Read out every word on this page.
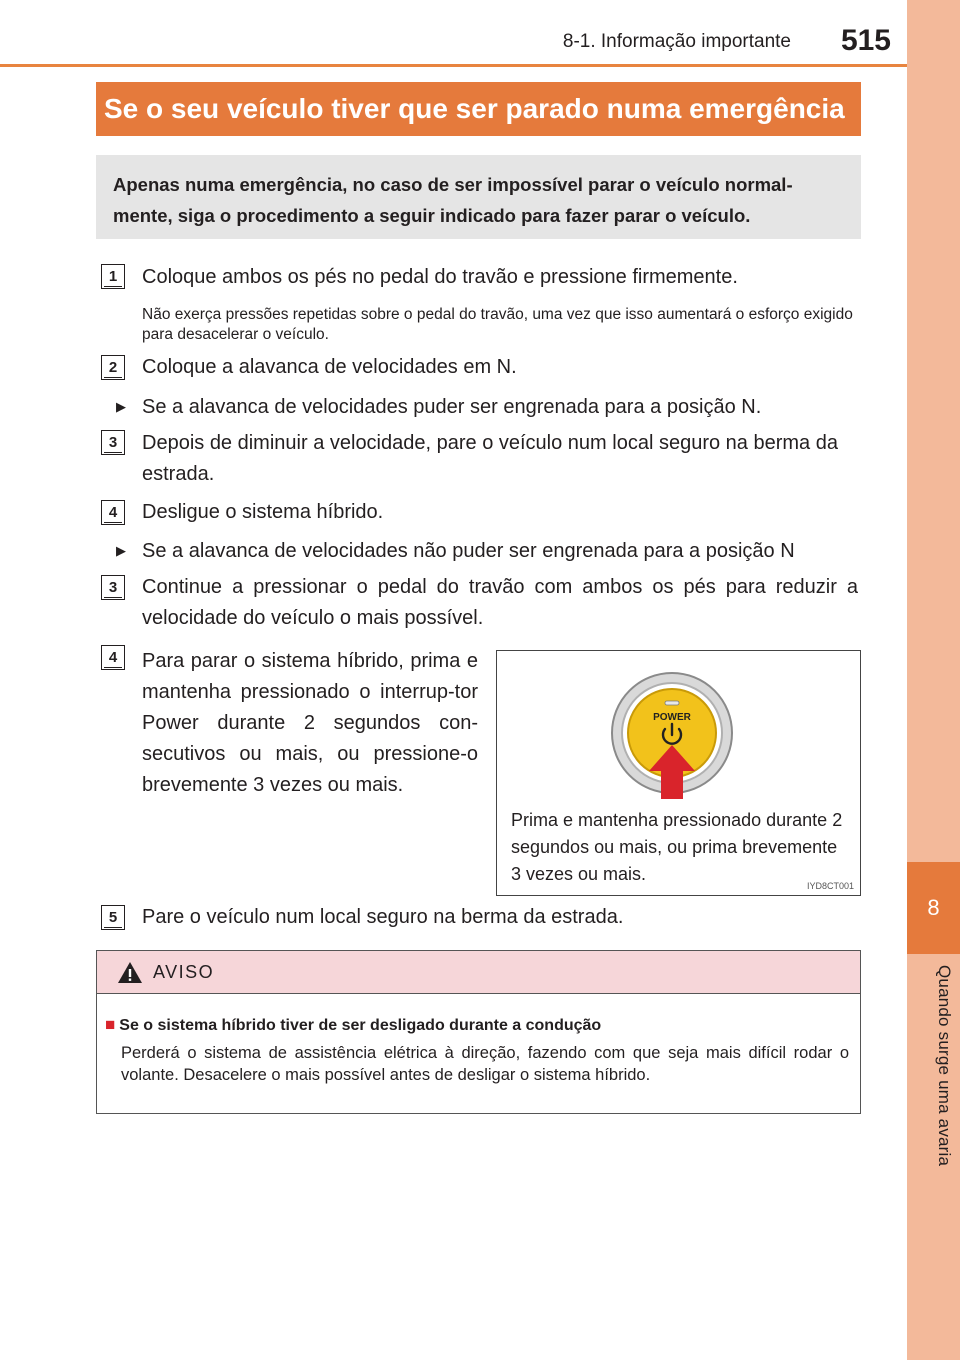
8
Quando surge uma avaria
8-1. Informação importante 515
Se o seu veículo tiver que ser parado numa emergência
Apenas numa emergência, no caso de ser impossível parar o veículo normal-mente, siga o procedimento a seguir indicado para fazer parar o veículo.
1	Coloque ambos os pés no pedal do travão e pressione firmemente.
Não exerça pressões repetidas sobre o pedal do travão, uma vez que isso aumentará o esforço exigido para desacelerar o veículo.
2	Coloque a alavanca de velocidades em N.
▶ Se a alavanca de velocidades puder ser engrenada para a posição N.
3	Depois de diminuir a velocidade, pare o veículo num local seguro na berma da estrada.
4	Desligue o sistema híbrido.
▶ Se a alavanca de velocidades não puder ser engrenada para a posição N
3	Continue a pressionar o pedal do travão com ambos os pés para reduzir a velocidade do veículo o mais possível.
4	Para parar o sistema híbrido, prima e mantenha pressionado o interrup-tor Power durante 2 segundos con-secutivos ou mais, ou pressione-o brevemente 3 vezes ou mais.
POWER
Prima e mantenha pressionado durante 2 segundos ou mais, ou prima brevemente 3 vezes ou mais.
IYD8CT001
5	Pare o veículo num local seguro na berma da estrada.
AVISO
■ Se o sistema híbrido tiver de ser desligado durante a condução
Perderá o sistema de assistência elétrica à direção, fazendo com que seja mais difícil rodar o volante. Desacelere o mais possível antes de desligar o sistema híbrido.
